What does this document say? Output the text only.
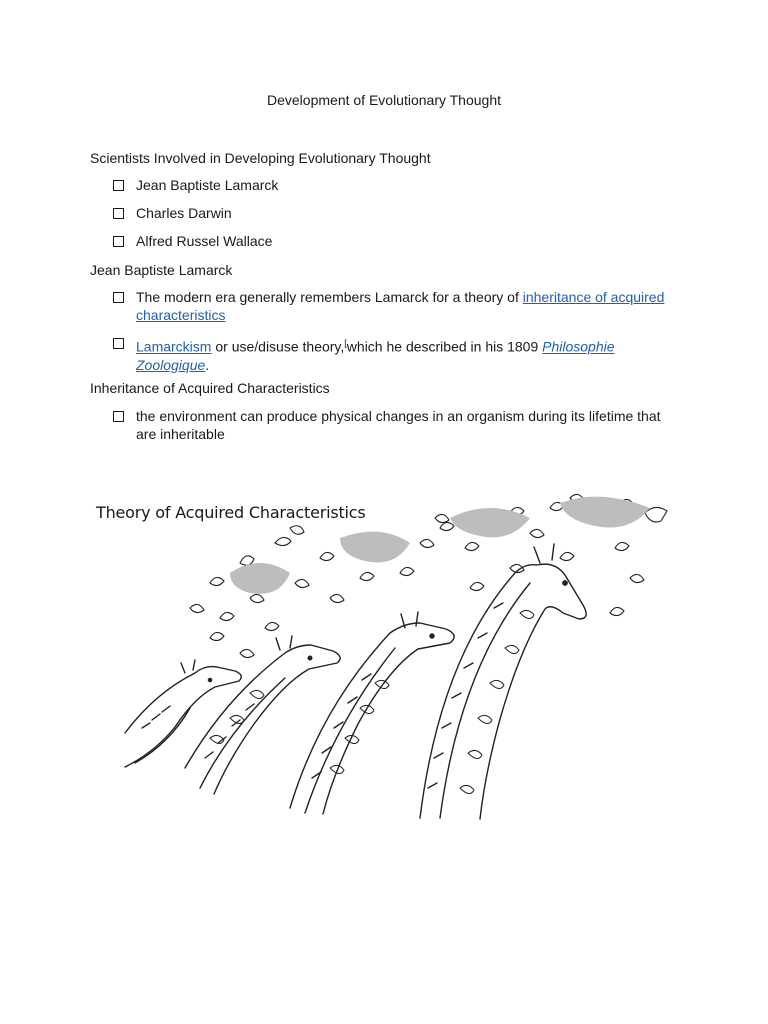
Development of Evolutionary Thought
Scientists Involved in Developing Evolutionary Thought
Jean Baptiste Lamarck
Charles Darwin
Alfred Russel Wallace
Jean Baptiste Lamarck
The modern era generally remembers Lamarck for a theory of inheritance of acquired characteristics
Lamarckism or use/disuse theory,[which he described in his 1809 Philosophie Zoologique.
Inheritance of Acquired Characteristics
the environment can produce physical changes in an organism during its lifetime that are inheritable
Theory of Acquired Characteristics
